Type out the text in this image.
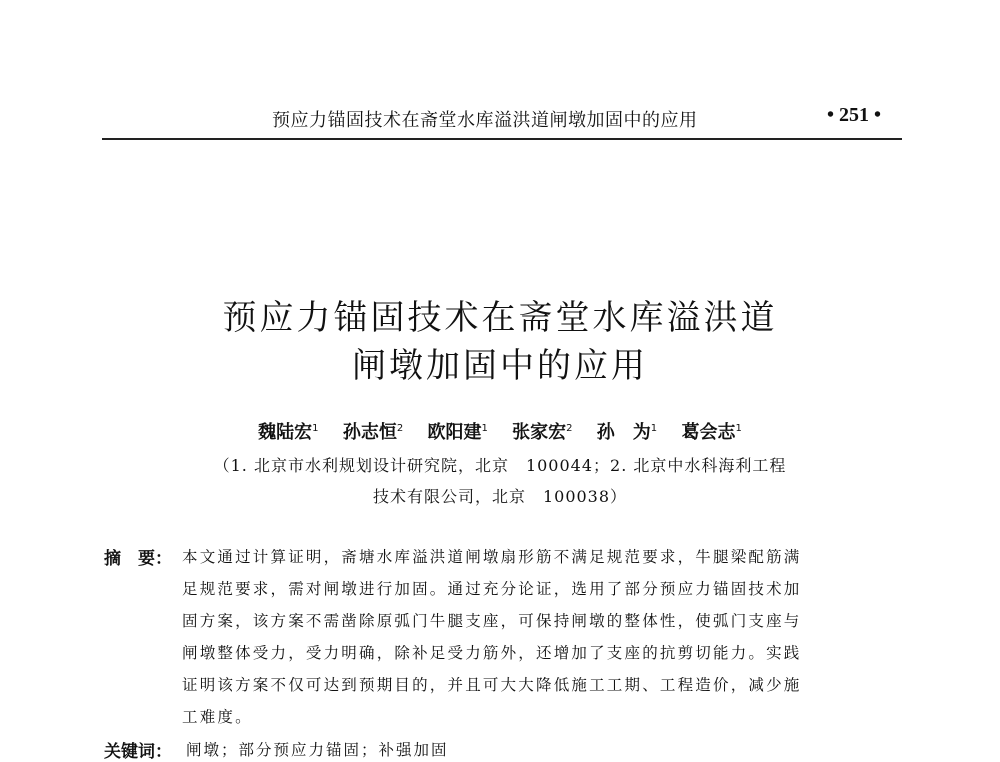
预应力锚固技术在斋堂水库溢洪道闸墩加固中的应用	• 251 •
预应力锚固技术在斋堂水库溢洪道
闸墩加固中的应用
魏陆宏$^1$ 孙志恒$^2$ 欧阳建$^1$ 张家宏$^2$ 孙　为$^1$ 葛会志$^1$
（1. 北京市水利规划设计研究院，北京　100044；2. 北京中水科海利工程
技术有限公司，北京　100038）
摘　要： 本文通过计算证明，斋塘水库溢洪道闸墩扇形筋不满足规范要求，牛腿梁配筋满
足规范要求，需对闸墩进行加固。通过充分论证，选用了部分预应力锚固技术加
固方案，该方案不需凿除原弧门牛腿支座，可保持闸墩的整体性，使弧门支座与
闸墩整体受力，受力明确，除补足受力筋外，还增加了支座的抗剪切能力。实践
证明该方案不仅可达到预期目的，并且可大大降低施工工期、工程造价，减少施
工难度。
关键词： 闸墩；部分预应力锚固；补强加固
